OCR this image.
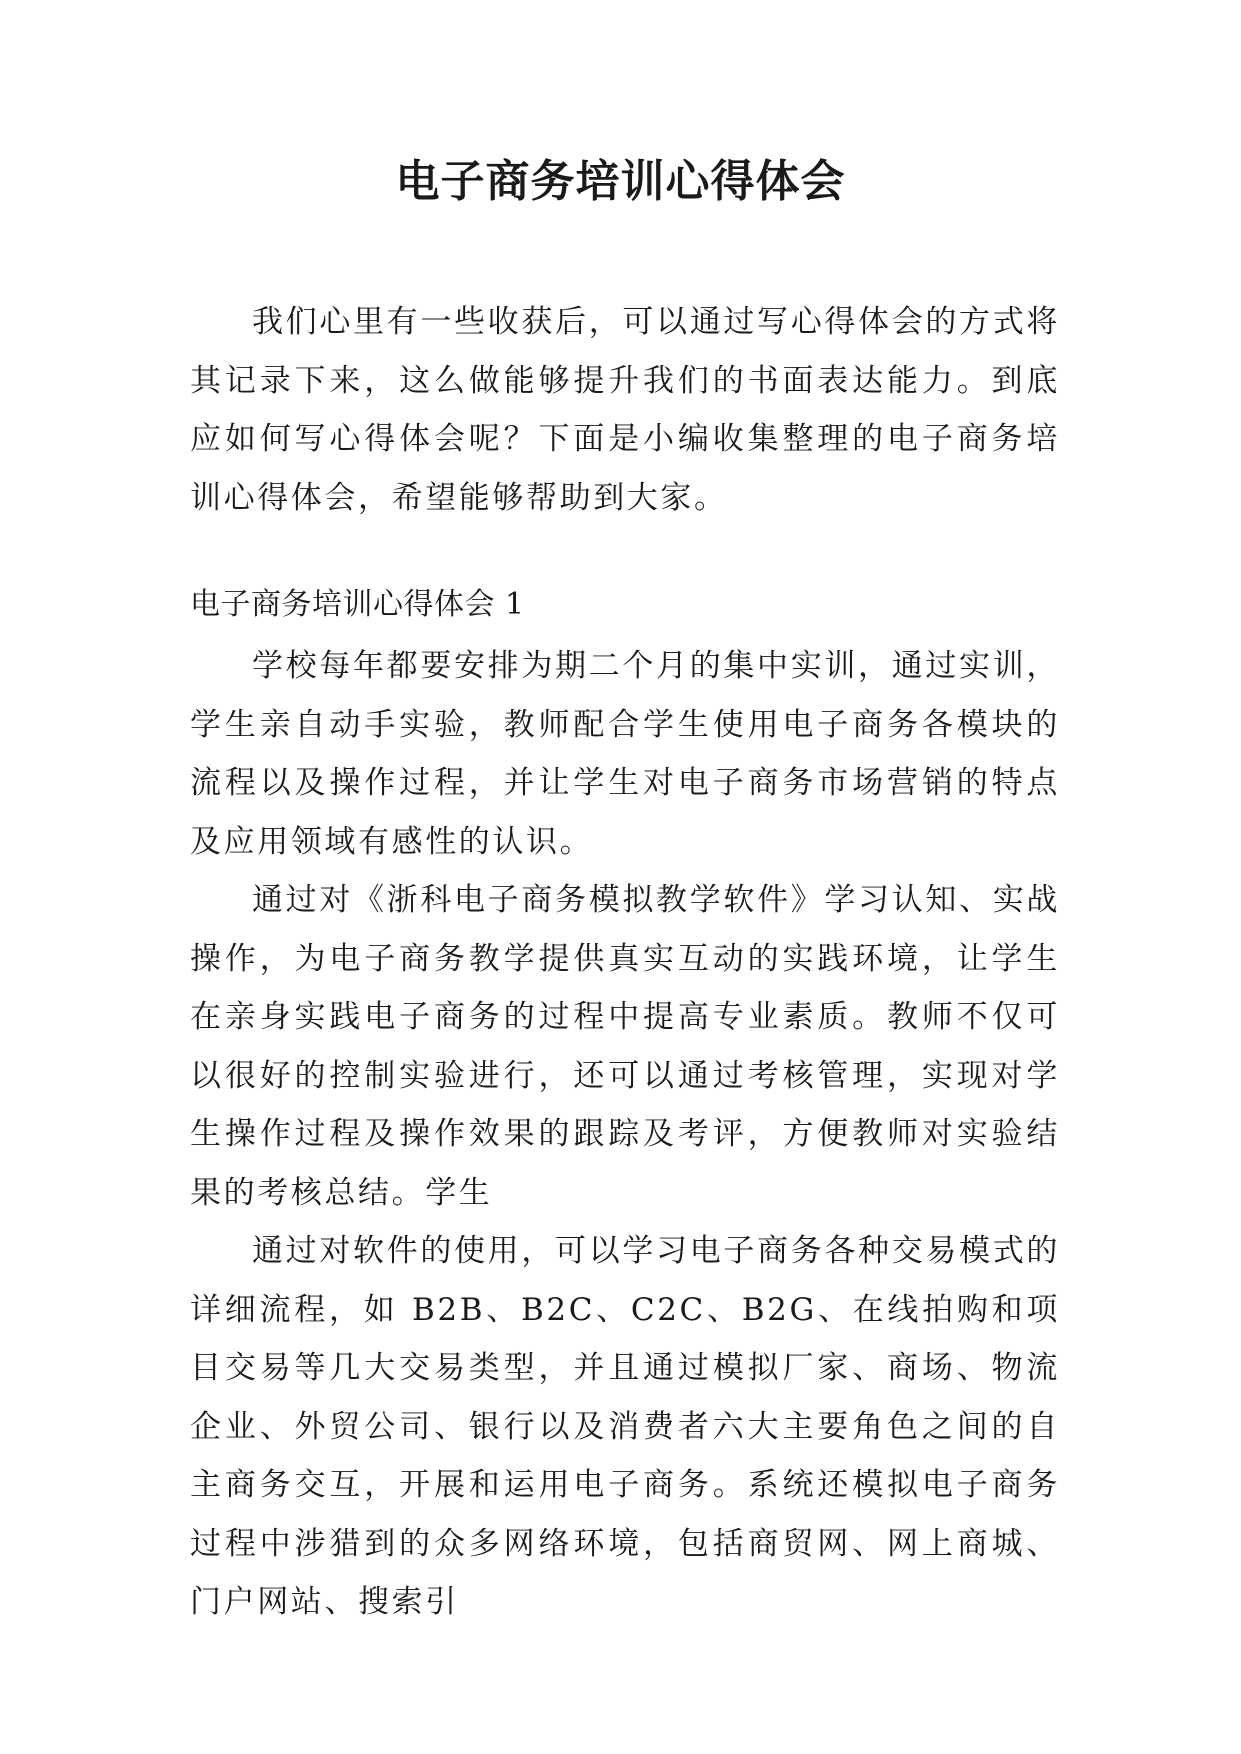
电子商务培训心得体会

我们心里有一些收获后，可以通过写心得体会的方式将其记录下来，这么做能够提升我们的书面表达能力。到底应如何写心得体会呢？下面是小编收集整理的电子商务培训心得体会，希望能够帮助到大家。

电子商务培训心得体会 1

学校每年都要安排为期二个月的集中实训，通过实训，学生亲自动手实验，教师配合学生使用电子商务各模块的流程以及操作过程，并让学生对电子商务市场营销的特点及应用领域有感性的认识。

通过对《浙科电子商务模拟教学软件》学习认知、实战操作，为电子商务教学提供真实互动的实践环境，让学生在亲身实践电子商务的过程中提高专业素质。教师不仅可以很好的控制实验进行，还可以通过考核管理，实现对学生操作过程及操作效果的跟踪及考评，方便教师对实验结果的考核总结。学生

通过对软件的使用，可以学习电子商务各种交易模式的详细流程，如 B2B、B2C、C2C、B2G、在线拍购和项目交易等几大交易类型，并且通过模拟厂家、商场、物流企业、外贸公司、银行以及消费者六大主要角色之间的自主商务交互，开展和运用电子商务。系统还模拟电子商务过程中涉猎到的众多网络环境，包括商贸网、网上商城、门户网站、搜索引
